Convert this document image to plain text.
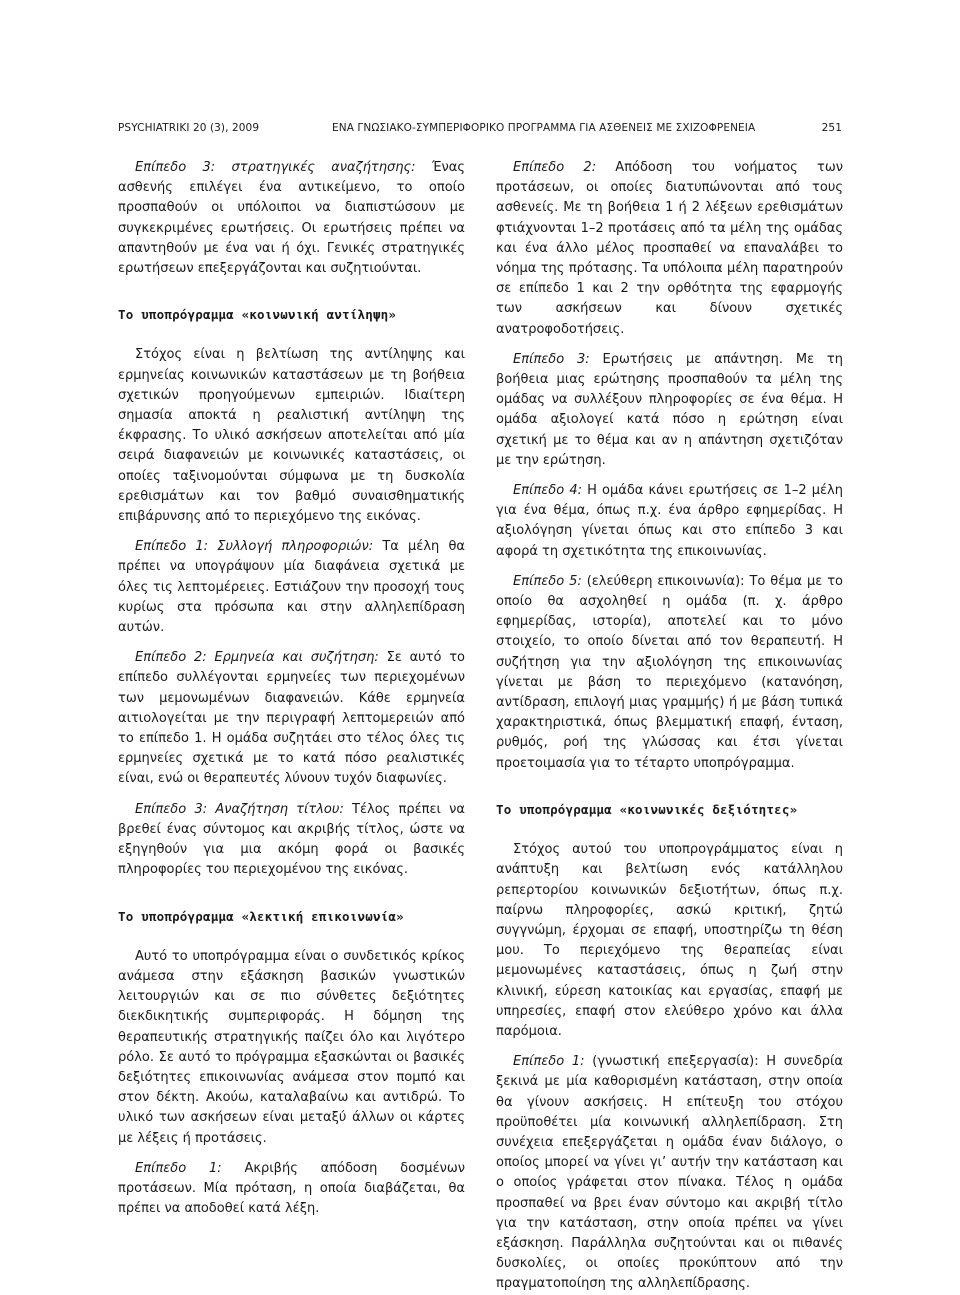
PSYCHIATRIKI 20 (3), 2009	ΕΝΑ ΓΝΩΣΙΑΚΟ-ΣΥΜΠΕΡΙΦΟΡΙΚΟ ΠΡΟΓΡΑΜΜΑ ΓΙΑ ΑΣΘΕΝΕΙΣ ΜΕ ΣΧΙΖΟΦΡΕΝΕΙΑ	251

Επίπεδο 3: στρατηγικές αναζήτησης: Ένας ασθενής επιλέγει ένα αντικείμενο, το οποίο προσπαθούν οι υπόλοιποι να διαπιστώσουν με συγκεκριμένες ερωτήσεις. Οι ερωτήσεις πρέπει να απαντηθούν με ένα ναι ή όχι. Γενικές στρατηγικές ερωτήσεων επεξεργάζονται και συζητιούνται.

Το υποπρόγραμμα «κοινωνική αντίληψη»

Στόχος είναι η βελτίωση της αντίληψης και ερμηνείας κοινωνικών καταστάσεων με τη βοήθεια σχετικών προηγούμενων εμπειριών. Ιδιαίτερη σημασία αποκτά η ρεαλιστική αντίληψη της έκφρασης. Το υλικό ασκήσεων αποτελείται από μία σειρά διαφανειών με κοινωνικές καταστάσεις, οι οποίες ταξινομούνται σύμφωνα με τη δυσκολία ερεθισμάτων και τον βαθμό συναισθηματικής επιβάρυνσης από το περιεχόμενο της εικόνας.

Επίπεδο 1: Συλλογή πληροφοριών: Τα μέλη θα πρέπει να υπογράψουν μία διαφάνεια σχετικά με όλες τις λεπτομέρειες. Εστιάζουν την προσοχή τους κυρίως στα πρόσωπα και στην αλληλεπίδραση αυτών.

Επίπεδο 2: Ερμηνεία και συζήτηση: Σε αυτό το επίπεδο συλλέγονται ερμηνείες των περιεχομένων των μεμονωμένων διαφανειών. Κάθε ερμηνεία αιτιολογείται με την περιγραφή λεπτομερειών από το επίπεδο 1. Η ομάδα συζητάει στο τέλος όλες τις ερμηνείες σχετικά με το κατά πόσο ρεαλιστικές είναι, ενώ οι θεραπευτές λύνουν τυχόν διαφωνίες.

Επίπεδο 3: Αναζήτηση τίτλου: Τέλος πρέπει να βρεθεί ένας σύντομος και ακριβής τίτλος, ώστε να εξηγηθούν για μια ακόμη φορά οι βασικές πληροφορίες του περιεχομένου της εικόνας.

Το υποπρόγραμμα «λεκτική επικοινωνία»

Αυτό το υποπρόγραμμα είναι ο συνδετικός κρίκος ανάμεσα στην εξάσκηση βασικών γνωστικών λειτουργιών και σε πιο σύνθετες δεξιότητες διεκδικητικής συμπεριφοράς. Η δόμηση της θεραπευτικής στρατηγικής παίζει όλο και λιγότερο ρόλο. Σε αυτό το πρόγραμμα εξασκώνται οι βασικές δεξιότητες επικοινωνίας ανάμεσα στον πομπό και στον δέκτη. Ακούω, καταλαβαίνω και αντιδρώ. Το υλικό των ασκήσεων είναι μεταξύ άλλων οι κάρτες με λέξεις ή προτάσεις.

Επίπεδο 1: Ακριβής απόδοση δοσμένων προτάσεων. Μία πρόταση, η οποία διαβάζεται, θα πρέπει να αποδοθεί κατά λέξη.

Επίπεδο 2: Απόδοση του νοήματος των προτάσεων, οι οποίες διατυπώνονται από τους ασθενείς. Με τη βοήθεια 1 ή 2 λέξεων ερεθισμάτων φτιάχνονται 1–2 προτάσεις από τα μέλη της ομάδας και ένα άλλο μέλος προσπαθεί να επαναλάβει το νόημα της πρότασης. Τα υπόλοιπα μέλη παρατηρούν σε επίπεδο 1 και 2 την ορθότητα της εφαρμογής των ασκήσεων και δίνουν σχετικές ανατροφοδοτήσεις.

Επίπεδο 3: Ερωτήσεις με απάντηση. Με τη βοήθεια μιας ερώτησης προσπαθούν τα μέλη της ομάδας να συλλέξουν πληροφορίες σε ένα θέμα. Η ομάδα αξιολογεί κατά πόσο η ερώτηση είναι σχετική με το θέμα και αν η απάντηση σχετιζόταν με την ερώτηση.

Επίπεδο 4: Η ομάδα κάνει ερωτήσεις σε 1–2 μέλη για ένα θέμα, όπως π.χ. ένα άρθρο εφημερίδας. Η αξιολόγηση γίνεται όπως και στο επίπεδο 3 και αφορά τη σχετικότητα της επικοινωνίας.

Επίπεδο 5: (ελεύθερη επικοινωνία): Το θέμα με το οποίο θα ασχοληθεί η ομάδα (π. χ. άρθρο εφημερίδας, ιστορία), αποτελεί και το μόνο στοιχείο, το οποίο δίνεται από τον θεραπευτή. Η συζήτηση για την αξιολόγηση της επικοινωνίας γίνεται με βάση το περιεχόμενο (κατανόηση, αντίδραση, επιλογή μιας γραμμής) ή με βάση τυπικά χαρακτηριστικά, όπως βλεμματική επαφή, ένταση, ρυθμός, ροή της γλώσσας και έτσι γίνεται προετοιμασία για το τέταρτο υποπρόγραμμα.

Το υποπρόγραμμα «κοινωνικές δεξιότητες»

Στόχος αυτού του υποπρογράμματος είναι η ανάπτυξη και βελτίωση ενός κατάλληλου ρεπερτορίου κοινωνικών δεξιοτήτων, όπως π.χ. παίρνω πληροφορίες, ασκώ κριτική, ζητώ συγγνώμη, έρχομαι σε επαφή, υποστηρίζω τη θέση μου. Το περιεχόμενο της θεραπείας είναι μεμονωμένες καταστάσεις, όπως η ζωή στην κλινική, εύρεση κατοικίας και εργασίας, επαφή με υπηρεσίες, επαφή στον ελεύθερο χρόνο και άλλα παρόμοια.

Επίπεδο 1: (γνωστική επεξεργασία): Η συνεδρία ξεκινά με μία καθορισμένη κατάσταση, στην οποία θα γίνουν ασκήσεις. Η επίτευξη του στόχου προϋποθέτει μία κοινωνική αλληλεπίδραση. Στη συνέχεια επεξεργάζεται η ομάδα έναν διάλογο, ο οποίος μπορεί να γίνει γι’ αυτήν την κατάσταση και ο οποίος γράφεται στον πίνακα. Τέλος η ομάδα προσπαθεί να βρει έναν σύντομο και ακριβή τίτλο για την κατάσταση, στην οποία πρέπει να γίνει εξάσκηση. Παράλληλα συζητούνται και οι πιθανές δυσκολίες, οι οποίες προκύπτουν από την πραγματοποίηση της αλληλεπίδρασης.
